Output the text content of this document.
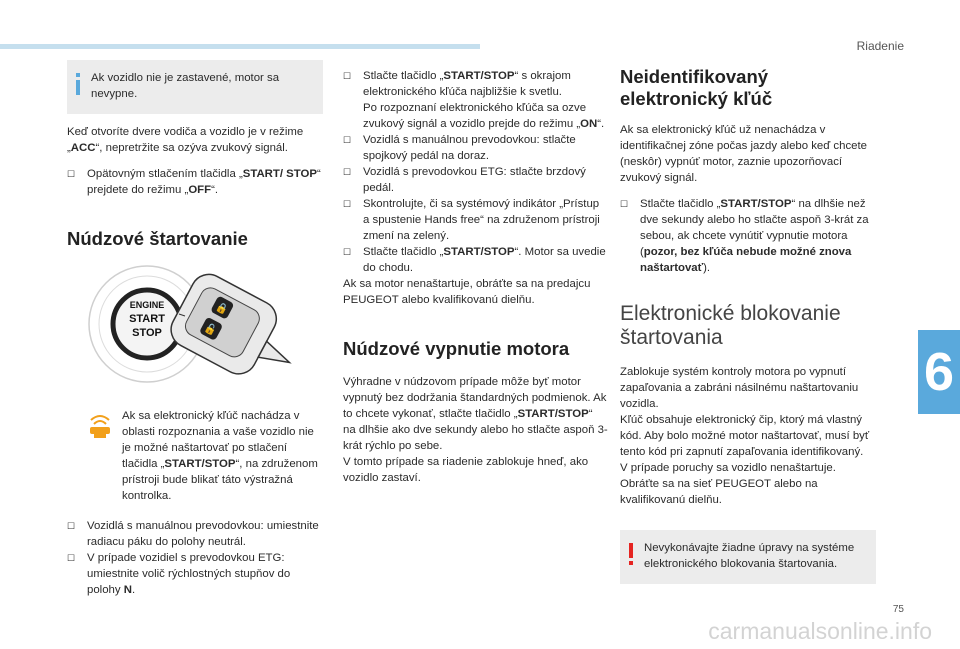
Riadenie
6

Ak vozidlo nie je zastavené, motor sa nevypne.

Keď otvoríte dvere vodiča a vozidlo je v režime „ACC“, nepretržite sa ozýva zvukový signál.

☐	Opätovným stlačením tlačidla „START/ STOP“ prejdete do režimu „OFF“.
Núdzové štartovanie
ENGINE
START
STOP
🔒
🔓

Ak sa elektronický kľúč nachádza v oblasti rozpoznania a vaše vozidlo nie je možné naštartovať po stlačení tlačidla „START/STOP“, na združenom prístroji bude blikať táto výstražná kontrolka.

☐	Vozidlá s manuálnou prevodovkou: umiestnite radiacu páku do polohy neutrál.
☐	V prípade vozidiel s prevodovkou ETG: umiestnite volič rýchlostných stupňov do polohy N.
☐	Stlačte tlačidlo „START/STOP“ s okrajom elektronického kľúča najbližšie k svetlu.
Po rozpoznaní elektronického kľúča sa ozve zvukový signál a vozidlo prejde do režimu „ON“.
☐	Vozidlá s manuálnou prevodovkou: stlačte spojkový pedál na doraz.
☐	Vozidlá s prevodovkou ETG: stlačte brzdový pedál.
☐	Skontrolujte, či sa systémový indikátor „Prístup a spustenie Hands free“ na združenom prístroji zmení na zelený.
☐	Stlačte tlačidlo „START/STOP“. Motor sa uvedie do chodu.

Ak sa motor nenaštartuje, obráťte sa na predajcu PEUGEOT alebo kvalifikovanú dielňu.

Núdzové vypnutie motora

Výhradne v núdzovom prípade môže byť motor vypnutý bez dodržania štandardných podmienok. Ak to chcete vykonať, stlačte tlačidlo „START/STOP“ na dlhšie ako dve sekundy alebo ho stlačte aspoň 3-krát rýchlo po sebe.
V tomto prípade sa riadenie zablokuje hneď, ako vozidlo zastaví.

Neidentifikovaný elektronický kľúč

Ak sa elektronický kľúč už nenachádza v identifikačnej zóne počas jazdy alebo keď chcete (neskôr) vypnúť motor, zaznie upozorňovací zvukový signál.

☐	Stlačte tlačidlo „START/STOP“ na dlhšie než dve sekundy alebo ho stlačte aspoň 3-krát za sebou, ak chcete vynútiť vypnutie motora (pozor, bez kľúča nebude možné znova naštartovať).
Elektronické blokovanie štartovania

Zablokuje systém kontroly motora po vypnutí zapaľovania a zabráni násilnému naštartovaniu vozidla.

Kľúč obsahuje elektronický čip, ktorý má vlastný kód. Aby bolo možné motor naštartovať, musí byť tento kód pri zapnutí zapaľovania identifikovaný.

V prípade poruchy sa vozidlo nenaštartuje. Obráťte sa na sieť PEUGEOT alebo na kvalifikovanú dielňu.

Nevykonávajte žiadne úpravy na systéme elektronického blokovania štartovania.

75
carmanualsonline.info
